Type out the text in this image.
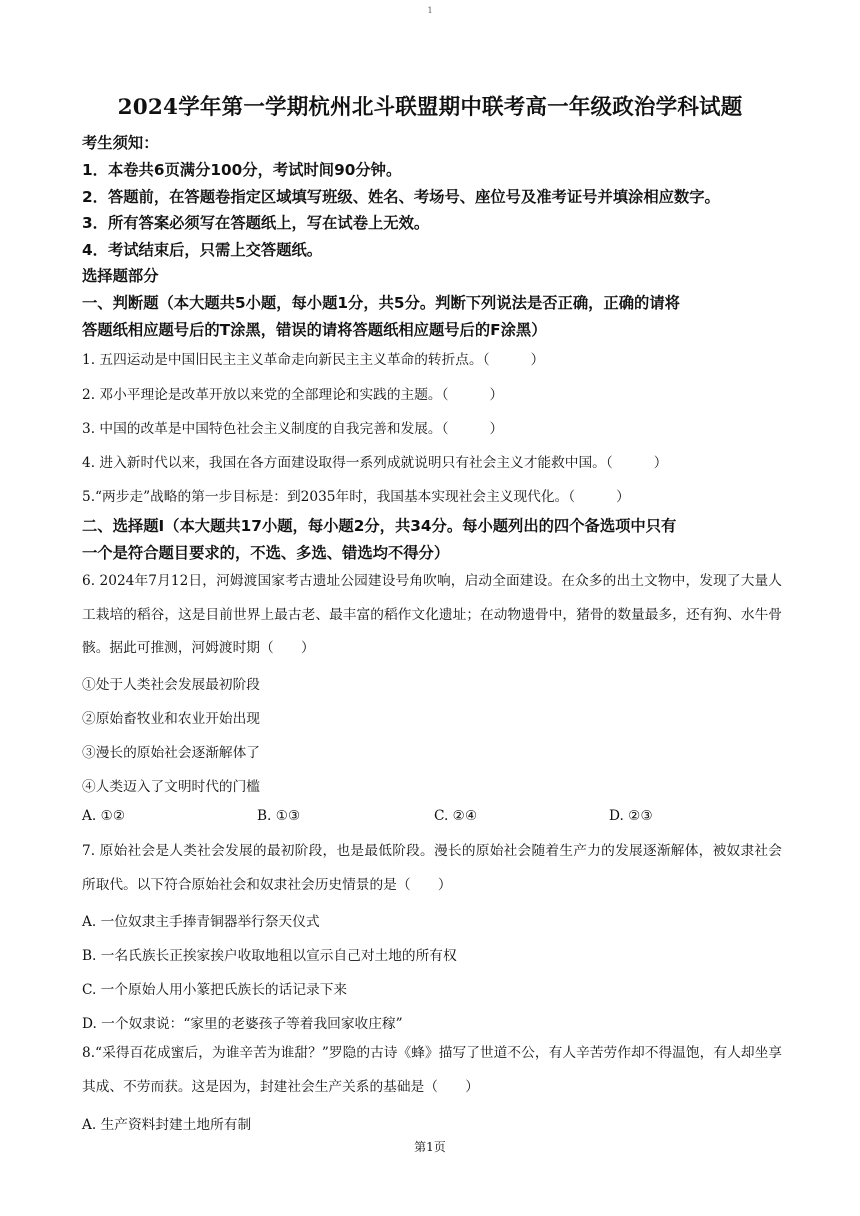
1
2024学年第一学期杭州北斗联盟期中联考高一年级政治学科试题
考生须知：
1．本卷共6页满分100分，考试时间90分钟。
2．答题前，在答题卷指定区域填写班级、姓名、考场号、座位号及准考证号并填涂相应数字。
3．所有答案必须写在答题纸上，写在试卷上无效。
4．考试结束后，只需上交答题纸。
选择题部分
一、判断题（本大题共5小题，每小题1分，共5分。判断下列说法是否正确，正确的请将
答题纸相应题号后的T涂黑，错误的请将答题纸相应题号后的F涂黑）
1. 五四运动是中国旧民主主义革命走向新民主主义革命的转折点。（　　　）
2. 邓小平理论是改革开放以来党的全部理论和实践的主题。（　　　）
3. 中国的改革是中国特色社会主义制度的自我完善和发展。（　　　）
4. 进入新时代以来，我国在各方面建设取得一系列成就说明只有社会主义才能救中国。（　　　）
5.“两步走”战略的第一步目标是：到2035年时，我国基本实现社会主义现代化。（　　　）
二、选择题Ⅰ（本大题共17小题，每小题2分，共34分。每小题列出的四个备选项中只有
一个是符合题目要求的，不选、多选、错选均不得分）
6. 2024年7月12日，河姆渡国家考古遗址公园建设号角吹响，启动全面建设。在众多的出土文物中，发现了大量人工栽培的稻谷，这是目前世界上最古老、最丰富的稻作文化遗址；在动物遗骨中，猪骨的数量最多，还有狗、水牛骨骸。据此可推测，河姆渡时期（　　）
①处于人类社会发展最初阶段
②原始畜牧业和农业开始出现
③漫长的原始社会逐渐解体了
④人类迈入了文明时代的门槛
A. ①②	B. ①③	C. ②④	D. ②③
7. 原始社会是人类社会发展的最初阶段，也是最低阶段。漫长的原始社会随着生产力的发展逐渐解体，被奴隶社会所取代。以下符合原始社会和奴隶社会历史情景的是（　　）
A. 一位奴隶主手捧青铜器举行祭天仪式
B. 一名氏族长正挨家挨户收取地租以宣示自己对土地的所有权
C. 一个原始人用小篆把氏族长的话记录下来
D. 一个奴隶说：“家里的老婆孩子等着我回家收庄稼”
8.“采得百花成蜜后，为谁辛苦为谁甜？”罗隐的古诗《蜂》描写了世道不公，有人辛苦劳作却不得温饱，有人却坐享其成、不劳而获。这是因为，封建社会生产关系的基础是（　　）
A. 生产资料封建土地所有制
第1页
